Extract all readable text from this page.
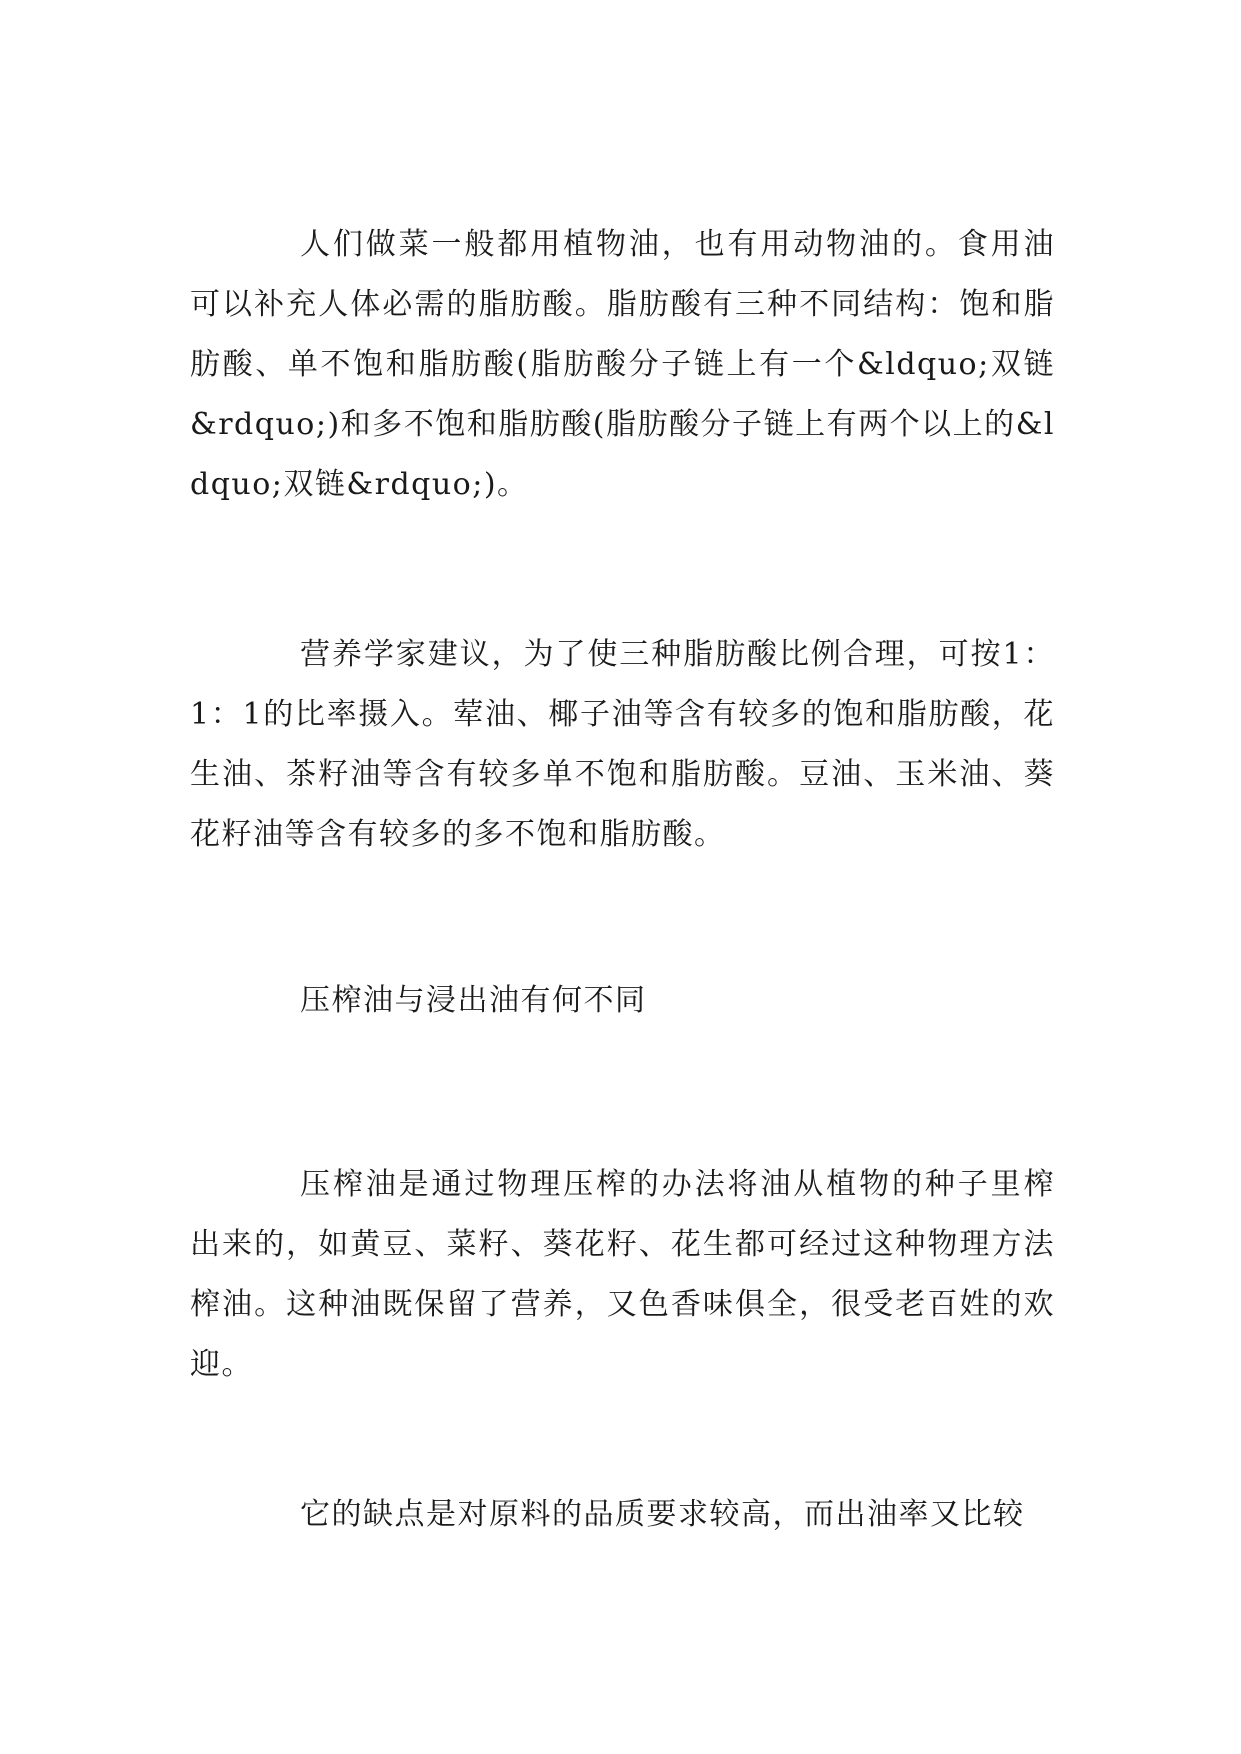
人们做菜一般都用植物油，也有用动物油的。食用油可以补充人体必需的脂肪酸。脂肪酸有三种不同结构：饱和脂肪酸、单不饱和脂肪酸(脂肪酸分子链上有一个&ldquo;双链&rdquo;)和多不饱和脂肪酸(脂肪酸分子链上有两个以上的&ldquo;双链&rdquo;)。

营养学家建议，为了使三种脂肪酸比例合理，可按1：1：1的比率摄入。荤油、椰子油等含有较多的饱和脂肪酸，花生油、茶籽油等含有较多单不饱和脂肪酸。豆油、玉米油、葵花籽油等含有较多的多不饱和脂肪酸。

压榨油与浸出油有何不同

压榨油是通过物理压榨的办法将油从植物的种子里榨出来的，如黄豆、菜籽、葵花籽、花生都可经过这种物理方法榨油。这种油既保留了营养，又色香味俱全，很受老百姓的欢迎。

它的缺点是对原料的品质要求较高，而出油率又比较
